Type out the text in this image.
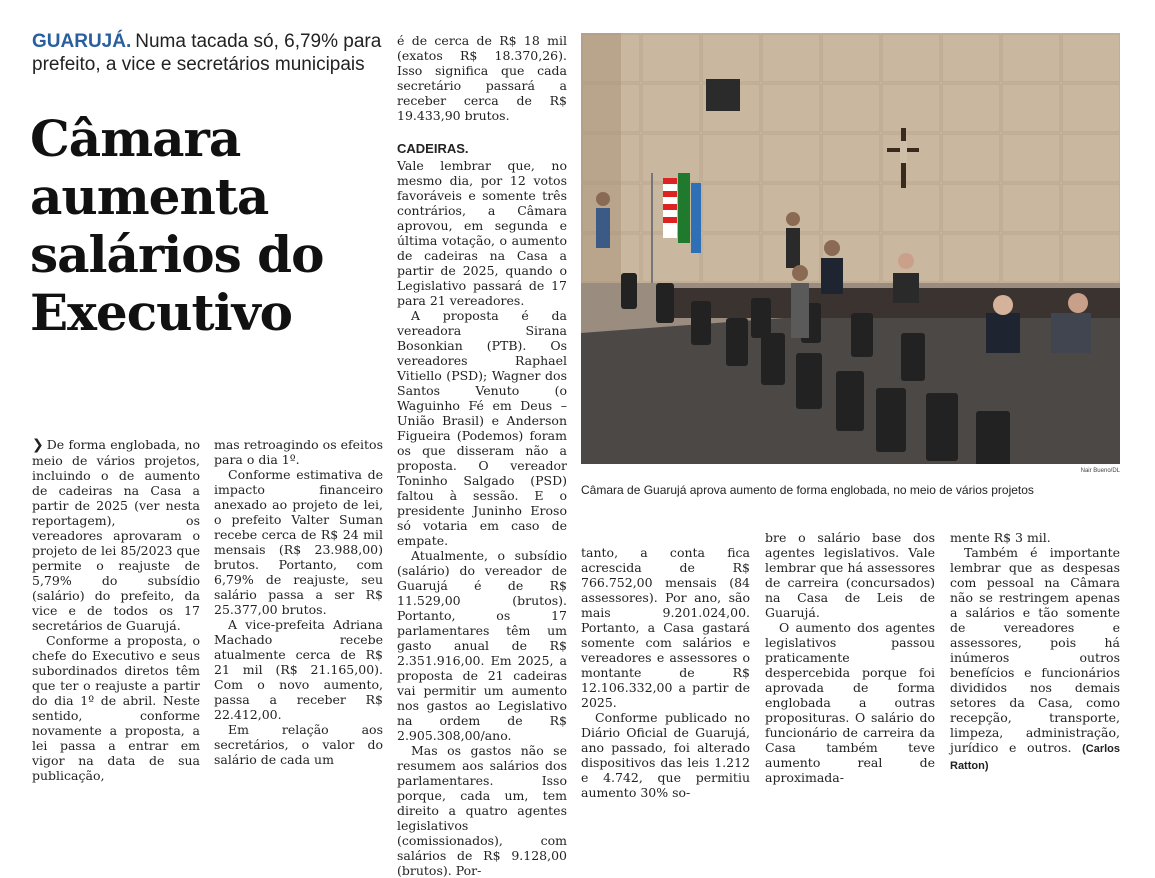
GUARUJÁ. Numa tacada só, 6,79% para prefeito, a vice e secretários municipais
Câmara aumenta salários do Executivo

❯ De forma englobada, no meio de vários projetos, incluindo o de aumento de cadeiras na Casa a partir de 2025 (ver nesta reportagem), os vereadores aprovaram o projeto de lei 85/2023 que permite o reajuste de 5,79% do subsídio (salário) do prefeito, da vice e de todos os 17 secretários de Guarujá.

Conforme a proposta, o chefe do Executivo e seus subordinados diretos têm que ter o reajuste a partir do dia 1º de abril. Neste sentido, conforme novamente a proposta, a lei passa a entrar em vigor na data de sua publicação,

mas retroagindo os efeitos para o dia 1º.

Conforme estimativa de impacto financeiro anexado ao projeto de lei, o prefeito Valter Suman recebe cerca de R$ 24 mil mensais (R$ 23.988,00) brutos. Portanto, com 6,79% de reajuste, seu salário passa a ser R$ 25.377,00 brutos.

A vice-prefeita Adriana Machado recebe atualmente cerca de R$ 21 mil (R$ 21.165,00). Com o novo aumento, passa a receber R$ 22.412,00.

Em relação aos secretários, o valor do salário de cada um

é de cerca de R$ 18 mil (exatos R$ 18.370,26). Isso significa que cada secretário passará a receber cerca de R$ 19.433,90 brutos.

CADEIRAS.

Vale lembrar que, no mesmo dia, por 12 votos favoráveis e somente três contrários, a Câmara aprovou, em segunda e última votação, o aumento de cadeiras na Casa a partir de 2025, quando o Legislativo passará de 17 para 21 vereadores.

A proposta é da vereadora Sirana Bosonkian (PTB). Os vereadores Raphael Vitiello (PSD); Wagner dos Santos Venuto (o Waguinho Fé em Deus – União Brasil) e Anderson Figueira (Podemos) foram os que disseram não a proposta. O vereador Toninho Salgado (PSD) faltou à sessão. E o presidente Juninho Eroso só votaria em caso de empate.

Atualmente, o subsídio (salário) do vereador de Guarujá é de R$ 11.529,00 (brutos). Portanto, os 17 parlamentares têm um gasto anual de R$ 2.351.916,00. Em 2025, a proposta de 21 cadeiras vai permitir um aumento nos gastos ao Legislativo na ordem de R$ 2.905.308,00/ano.

Mas os gastos não se resumem aos salários dos parlamentares. Isso porque, cada um, tem direito a quatro agentes legislativos (comissionados), com salários de R$ 9.128,00 (brutos). Por-

tanto, a conta fica acrescida de R$ 766.752,00 mensais (84 assessores). Por ano, são mais 9.201.024,00. Portanto, a Casa gastará somente com salários e vereadores e assessores o montante de R$ 12.106.332,00 a partir de 2025.

Conforme publicado no Diário Oficial de Guarujá, ano passado, foi alterado dispositivos das leis 1.212 e 4.742, que permitiu aumento 30% so-

bre o salário base dos agentes legislativos. Vale lembrar que há assessores de carreira (concursados) na Casa de Leis de Guarujá.

O aumento dos agentes legislativos passou praticamente despercebida porque foi aprovada de forma englobada a outras proposituras. O salário do funcionário de carreira da Casa também teve aumento real de aproximada-

mente R$ 3 mil.

Também é importante lembrar que as despesas com pessoal na Câmara não se restringem apenas a salários e tão somente de vereadores e assessores, pois há inúmeros outros benefícios e funcionários divididos nos demais setores da Casa, como recepção, transporte, limpeza, administração, jurídico e outros. (Carlos Ratton)

Nair Bueno/DL
Câmara de Guarujá aprova aumento de forma englobada, no meio de vários projetos
